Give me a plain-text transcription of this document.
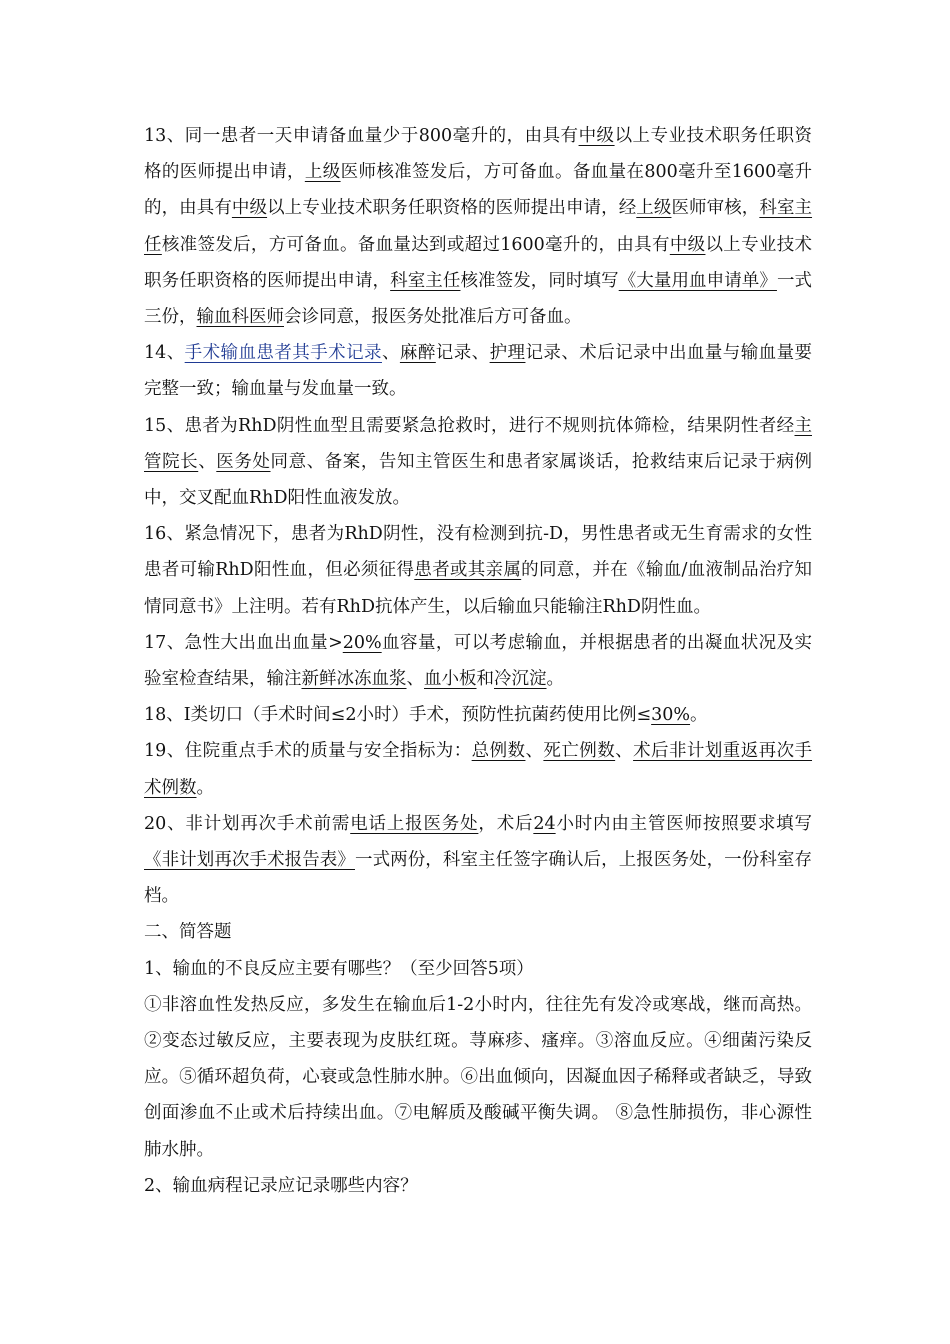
13、同一患者一天申请备血量少于800毫升的，由具有中级以上专业技术职务任职资格的医师提出申请，上级医师核准签发后，方可备血。备血量在800毫升至1600毫升的，由具有中级以上专业技术职务任职资格的医师提出申请，经上级医师审核，科室主任核准签发后，方可备血。备血量达到或超过1600毫升的，由具有中级以上专业技术职务任职资格的医师提出申请，科室主任核准签发，同时填写《大量用血申请单》一式三份，输血科医师会诊同意，报医务处批准后方可备血。

14、手术输血患者其手术记录、麻醉记录、护理记录、术后记录中出血量与输血量要完整一致；输血量与发血量一致。

15、患者为RhD阴性血型且需要紧急抢救时，进行不规则抗体筛检，结果阴性者经主管院长、医务处同意、备案，告知主管医生和患者家属谈话，抢救结束后记录于病例中，交叉配血RhD阳性血液发放。

16、紧急情况下，患者为RhD阴性，没有检测到抗-D，男性患者或无生育需求的女性患者可输RhD阳性血，但必须征得患者或其亲属的同意，并在《输血/血液制品治疗知情同意书》上注明。若有RhD抗体产生，以后输血只能输注RhD阴性血。

17、急性大出血出血量>20%血容量，可以考虑输血，并根据患者的出凝血状况及实验室检查结果，输注新鲜冰冻血浆、血小板和冷沉淀。

18、Ⅰ类切口（手术时间≤2小时）手术，预防性抗菌药使用比例≤30%。

19、住院重点手术的质量与安全指标为：总例数、死亡例数、术后非计划重返再次手术例数。

20、非计划再次手术前需电话上报医务处，术后24小时内由主管医师按照要求填写《非计划再次手术报告表》一式两份，科室主任签字确认后，上报医务处，一份科室存档。

二、简答题

1、输血的不良反应主要有哪些？（至少回答5项）

①非溶血性发热反应，多发生在输血后1-2小时内，往往先有发冷或寒战，继而高热。②变态过敏反应，主要表现为皮肤红斑。荨麻疹、瘙痒。③溶血反应。④细菌污染反应。⑤循环超负荷，心衰或急性肺水肿。⑥出血倾向，因凝血因子稀释或者缺乏，导致创面渗血不止或术后持续出血。⑦电解质及酸碱平衡失调。 ⑧急性肺损伤，非心源性肺水肿。

2、输血病程记录应记录哪些内容？
